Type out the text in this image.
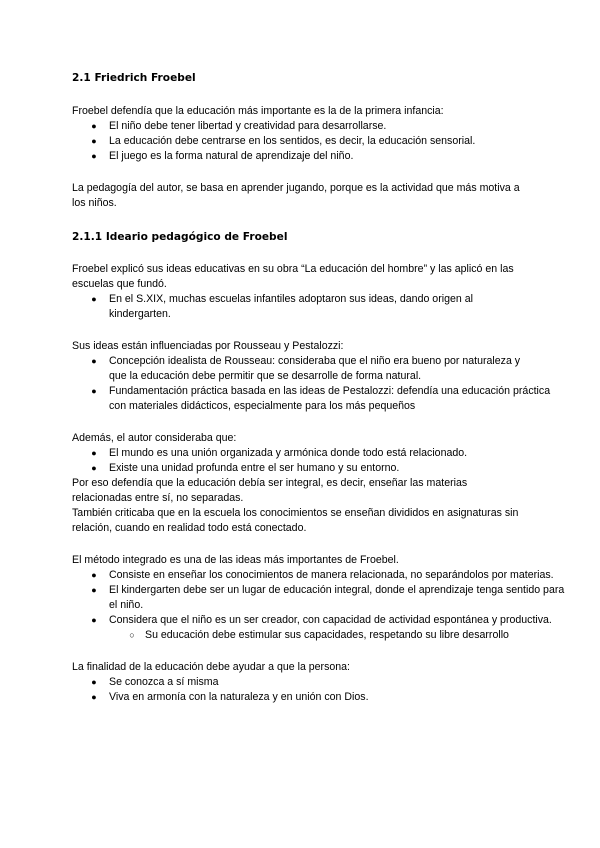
2.1 Friedrich Froebel

Froebel defendía que la educación más importante es la de la primera infancia:

● El niño debe tener libertad y creatividad para desarrollarse.
● La educación debe centrarse en los sentidos, es decir, la educación sensorial.
● El juego es la forma natural de aprendizaje del niño.

La pedagogía del autor, se basa en aprender jugando, porque es la actividad que más motiva a los niños.

2.1.1 Ideario pedagógico de Froebel

Froebel explicó sus ideas educativas en su obra “La educación del hombre” y las aplicó en las escuelas que fundó.

● En el S.XIX, muchas escuelas infantiles adoptaron sus ideas, dando origen al kindergarten.

Sus ideas están influenciadas por Rousseau y Pestalozzi:

● Concepción idealista de Rousseau: consideraba que el niño era bueno por naturaleza y que la educación debe permitir que se desarrolle de forma natural.
● Fundamentación práctica basada en las ideas de Pestalozzi: defendía una educación práctica con materiales didácticos, especialmente para los más pequeños

Además, el autor consideraba que:

● El mundo es una unión organizada y armónica donde todo está relacionado.
● Existe una unidad profunda entre el ser humano y su entorno.

Por eso defendía que la educación debía ser integral, es decir, enseñar las materias relacionadas entre sí, no separadas.

También criticaba que en la escuela los conocimientos se enseñan divididos en asignaturas sin relación, cuando en realidad todo está conectado.

El método integrado es una de las ideas más importantes de Froebel.

● Consiste en enseñar los conocimientos de manera relacionada, no separándolos por materias.
● El kindergarten debe ser un lugar de educación integral, donde el aprendizaje tenga sentido para el niño.
● Considera que el niño es un ser creador, con capacidad de actividad espontánea y productiva.
○ Su educación debe estimular sus capacidades, respetando su libre desarrollo

La finalidad de la educación debe ayudar a que la persona:

● Se conozca a sí misma
● Viva en armonía con la naturaleza y en unión con Dios.
